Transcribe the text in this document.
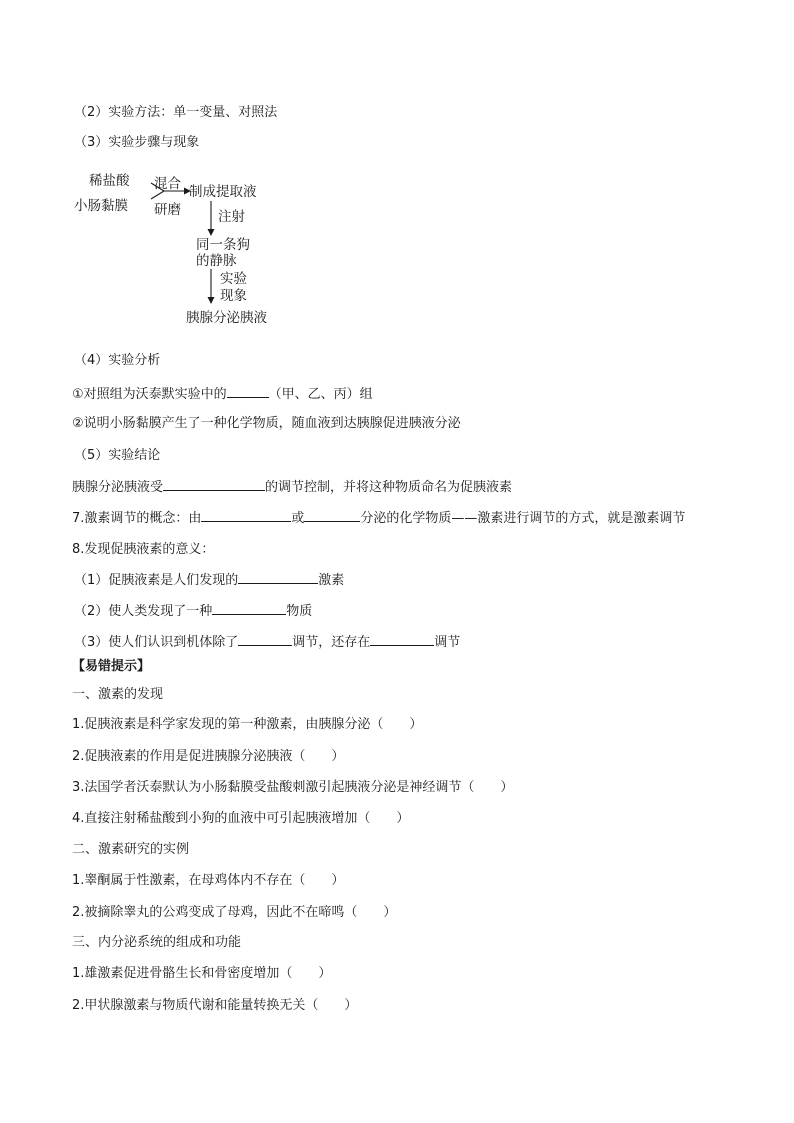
（2）实验方法：单一变量、对照法
（3）实验步骤与现象
稀盐酸
小肠黏膜
混合
研磨
制成提取液
注射
同一条狗
的静脉
实验
现象
胰腺分泌胰液
（4）实验分析
①对照组为沃泰默实验中的	（甲、乙、丙）组
②说明小肠黏膜产生了一种化学物质，随血液到达胰腺促进胰液分泌
（5）实验结论
胰腺分泌胰液受	的调节控制，并将这种物质命名为促胰液素
7.激素调节的概念：由	或	分泌的化学物质——激素进行调节的方式，就是激素调节
8.发现促胰液素的意义：
（1）促胰液素是人们发现的	激素
（2）使人类发现了一种	物质
（3）使人们认识到机体除了	调节，还存在	调节
【易错提示】
一、激素的发现
1.促胰液素是科学家发现的第一种激素，由胰腺分泌（　　）
2.促胰液素的作用是促进胰腺分泌胰液（　　）
3.法国学者沃泰默认为小肠黏膜受盐酸刺激引起胰液分泌是神经调节（　　）
4.直接注射稀盐酸到小狗的血液中可引起胰液增加（　　）
二、激素研究的实例
1.睾酮属于性激素，在母鸡体内不存在（　　）
2.被摘除睾丸的公鸡变成了母鸡，因此不在啼鸣（　　）
三、内分泌系统的组成和功能
1.雄激素促进骨骼生长和骨密度增加（　　）
2.甲状腺激素与物质代谢和能量转换无关（　　）
